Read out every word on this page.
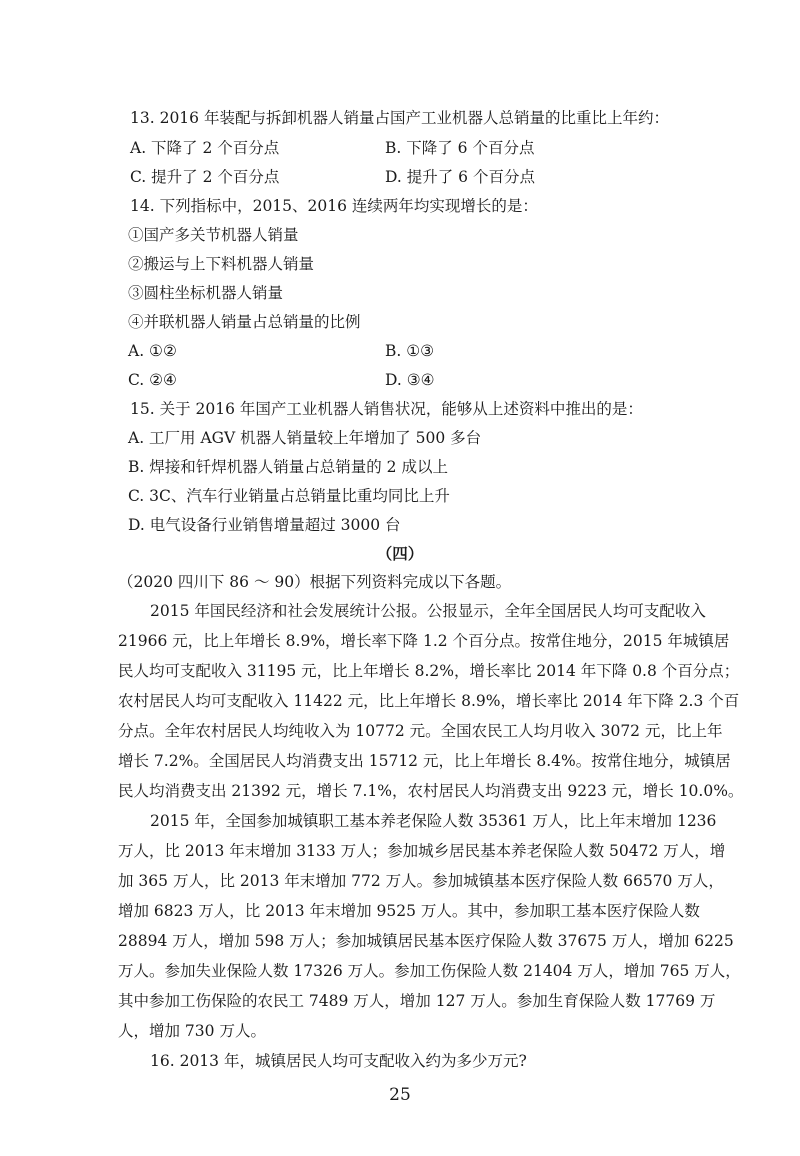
13. 2016 年装配与拆卸机器人销量占国产工业机器人总销量的比重比上年约：
A. 下降了 2 个百分点	B. 下降了 6 个百分点
C. 提升了 2 个百分点	D. 提升了 6 个百分点
14. 下列指标中，2015、2016 连续两年均实现增长的是：
①国产多关节机器人销量
②搬运与上下料机器人销量
③圆柱坐标机器人销量
④并联机器人销量占总销量的比例
A. ①②	B. ①③
C. ②④	D. ③④
15. 关于 2016 年国产工业机器人销售状况，能够从上述资料中推出的是：
A. 工厂用 AGV 机器人销量较上年增加了 500 多台
B. 焊接和钎焊机器人销量占总销量的 2 成以上
C. 3C、汽车行业销量占总销量比重均同比上升
D. 电气设备行业销售增量超过 3000 台
（四）
（2020 四川下 86 ～ 90）根据下列资料完成以下各题。
2015 年国民经济和社会发展统计公报。公报显示，全年全国居民人均可支配收入
21966 元，比上年增长 8.9%，增长率下降 1.2 个百分点。按常住地分，2015 年城镇居
民人均可支配收入 31195 元，比上年增长 8.2%，增长率比 2014 年下降 0.8 个百分点；
农村居民人均可支配收入 11422 元，比上年增长 8.9%，增长率比 2014 年下降 2.3 个百
分点。全年农村居民人均纯收入为 10772 元。全国农民工人均月收入 3072 元，比上年
增长 7.2%。全国居民人均消费支出 15712 元，比上年增长 8.4%。按常住地分，城镇居
民人均消费支出 21392 元，增长 7.1%，农村居民人均消费支出 9223 元，增长 10.0%。
2015 年，全国参加城镇职工基本养老保险人数 35361 万人，比上年末增加 1236
万人，比 2013 年末增加 3133 万人；参加城乡居民基本养老保险人数 50472 万人，增
加 365 万人，比 2013 年末增加 772 万人。参加城镇基本医疗保险人数 66570 万人，
增加 6823 万人，比 2013 年末增加 9525 万人。其中，参加职工基本医疗保险人数
28894 万人，增加 598 万人；参加城镇居民基本医疗保险人数 37675 万人，增加 6225
万人。参加失业保险人数 17326 万人。参加工伤保险人数 21404 万人，增加 765 万人，
其中参加工伤保险的农民工 7489 万人，增加 127 万人。参加生育保险人数 17769 万
人，增加 730 万人。
16. 2013 年，城镇居民人均可支配收入约为多少万元?
25
